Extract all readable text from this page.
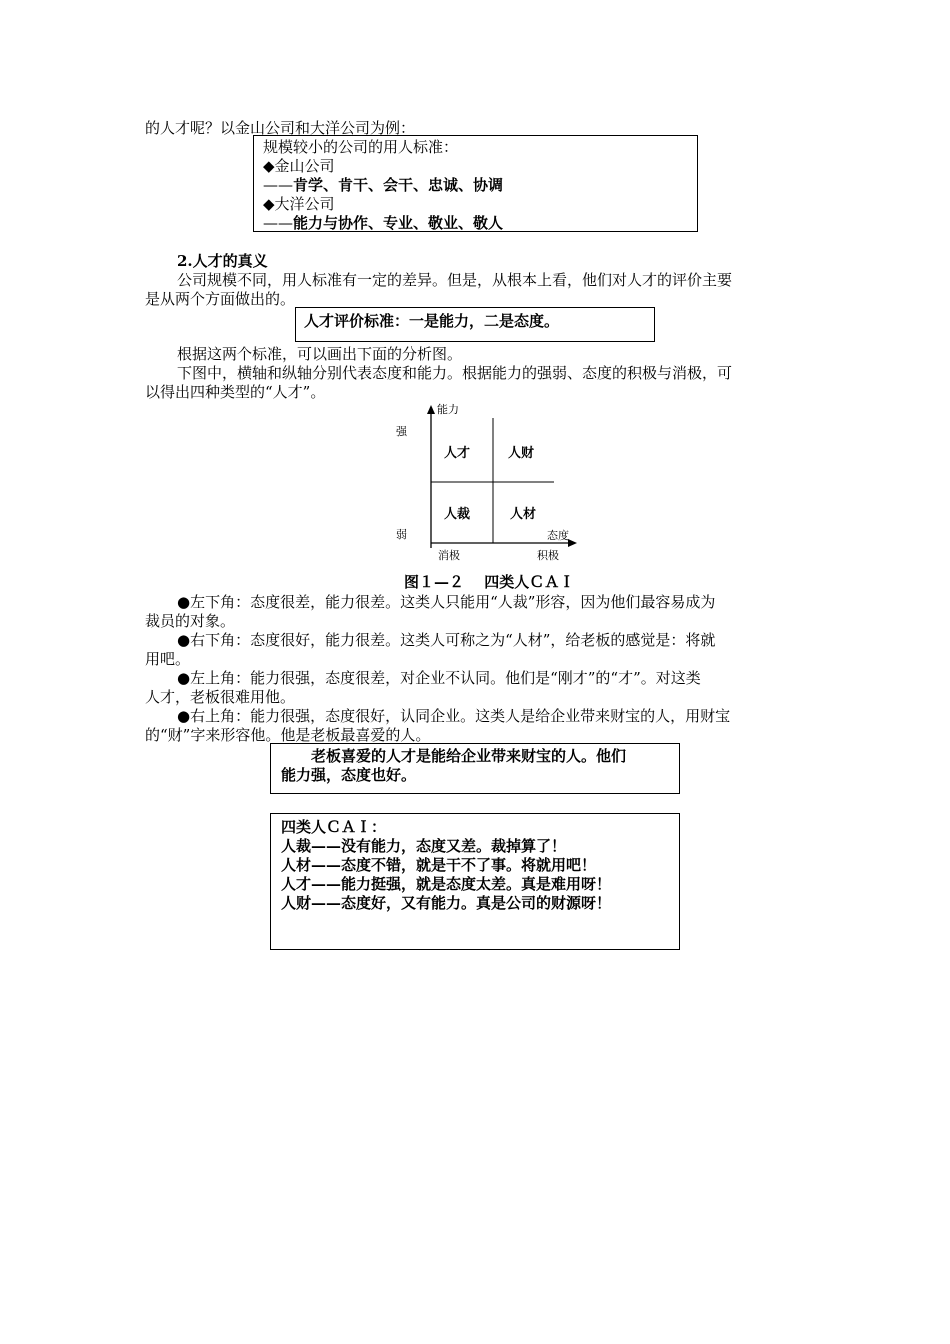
的人才呢？以金山公司和大洋公司为例：
规模较小的公司的用人标准：
◆金山公司
——肯学、肯干、会干、忠诚、协调
◆大洋公司
——能力与协作、专业、敬业、敬人
2.人才的真义
公司规模不同，用人标准有一定的差异。但是，从根本上看，他们对人才的评价主要
是从两个方面做出的。
人才评价标准：一是能力，二是态度。
根据这两个标准，可以画出下面的分析图。
下图中，横轴和纵轴分别代表态度和能力。根据能力的强弱、态度的积极与消极，可
以得出四种类型的“人才”。
能力
态度
强
弱
消极	积极
人才	人财
人裁	人材
图１—２　 四类人ＣＡＩ
●左下角：态度很差，能力很差。这类人只能用“人裁”形容，因为他们最容易成为
裁员的对象。
●右下角：态度很好，能力很差。这类人可称之为“人材”，给老板的感觉是：将就
用吧。
●左上角：能力很强，态度很差，对企业不认同。他们是“刚才”的“才”。对这类
人才，老板很难用他。
●右上角：能力很强，态度很好，认同企业。这类人是给企业带来财宝的人，用财宝
的“财”字来形容他。他是老板最喜爱的人。
老板喜爱的人才是能给企业带来财宝的人。他们
能力强，态度也好。
四类人ＣＡＩ：
人裁——没有能力，态度又差。裁掉算了！
人材——态度不错，就是干不了事。将就用吧！
人才——能力挺强，就是态度太差。真是难用呀！
人财——态度好，又有能力。真是公司的财源呀！
